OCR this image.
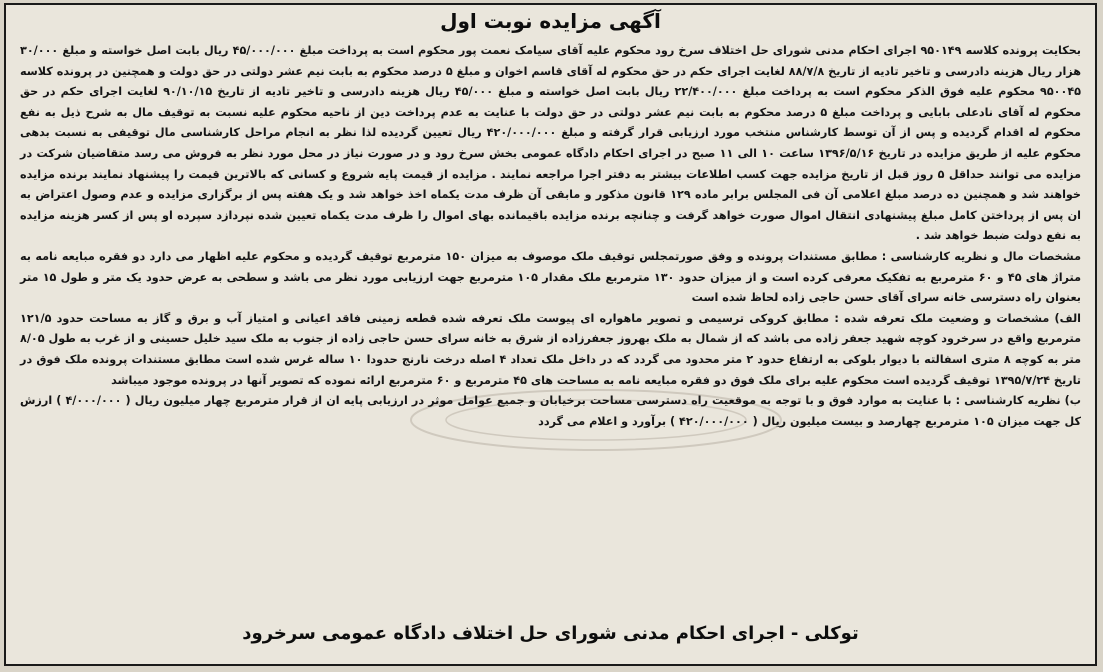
آگهی مزایده نوبت اول

بحکایت پرونده کلاسه ۹۵۰۱۴۹ اجرای احکام مدنی شورای حل اختلاف سرخ رود محکوم علیه آقای سیامک نعمت پور محکوم است به پرداخت مبلغ ۴۵/۰۰۰/۰۰۰ ریال بابت اصل خواسته و مبلغ ۳۰/۰۰۰ هزار ریال هزینه دادرسی و تاخیر تادیه از تاریخ ۸۸/۷/۸ لغایت اجرای حکم در حق محکوم له آقای قاسم اخوان و مبلغ ۵ درصد محکوم به بابت نیم عشر دولتی در حق دولت و همچنین در پرونده کلاسه ۹۵۰۰۴۵ محکوم علیه فوق الذکر محکوم است به پرداخت مبلغ ۲۲/۴۰۰/۰۰۰ ریال بابت اصل خواسته و مبلغ ۴۵/۰۰۰ ریال هزینه دادرسی و تاخیر تادیه از تاریخ ۹۰/۱۰/۱۵ لغایت اجرای حکم در حق محکوم له آقای نادعلی بابایی و پرداخت مبلغ ۵ درصد محکوم به بابت نیم عشر دولتی در حق دولت با عنایت به عدم پرداخت دین از ناحیه محکوم علیه نسبت به توقیف مال به شرح ذیل به نفع محکوم له اقدام گردیده و پس از آن توسط کارشناس منتخب مورد ارزیابی قرار گرفته و مبلغ ۴۲۰/۰۰۰/۰۰۰ ریال تعیین گردیده لذا نظر به انجام مراحل کارشناسی مال توقیفی به نسبت بدهی محکوم علیه از طریق مزایده در تاریخ ۱۳۹۶/۵/۱۶ ساعت ۱۰ الی ۱۱ صبح در اجرای احکام دادگاه عمومی بخش سرخ رود و در صورت نیاز در محل مورد نظر به فروش می رسد متقاضیان شرکت در مزایده می توانند حداقل ۵ روز قبل از تاریخ مزایده جهت کسب اطلاعات بیشتر به دفتر اجرا مراجعه نمایند . مزایده از قیمت پایه شروع و کسانی که بالاترین قیمت را پیشنهاد نمایند برنده مزایده خواهند شد و همچنین ده درصد مبلغ اعلامی آن فی المجلس برابر ماده ۱۲۹ قانون مذکور و مابقی آن ظرف مدت یکماه اخذ خواهد شد و یک هفته پس از برگزاری مزایده و عدم وصول اعتراض به ان پس از پرداختن کامل مبلغ پیشنهادی انتقال اموال صورت خواهد گرفت و چنانچه برنده مزایده باقیمانده بهای اموال را ظرف مدت یکماه تعیین شده نپردازد سپرده او پس از کسر هزینه مزایده به نفع دولت ضبط خواهد شد .

مشخصات مال و نظریه کارشناسی : مطابق مستندات پرونده و وفق صورتمجلس توقیف ملک موصوف به میزان ۱۵۰ مترمربع توقیف گردیده و محکوم علیه اظهار می دارد دو فقره مبایعه نامه به متراژ های ۴۵ و ۶۰ مترمربع به تفکیک معرفی کرده است و از میزان حدود ۱۳۰ مترمربع ملک مقدار ۱۰۵ مترمربع جهت ارزیابی مورد نظر می باشد و سطحی به عرض حدود یک متر و طول ۱۵ متر بعنوان راه دسترسی خانه سرای آقای حسن حاجی زاده لحاظ شده است

الف) مشخصات و وضعیت ملک تعرفه شده : مطابق کروکی ترسیمی و تصویر ماهواره ای پیوست ملک تعرفه شده قطعه زمینی فاقد اعیانی و امتیاز آب و برق و گاز به مساحت حدود ۱۲۱/۵ مترمربع واقع در سرخرود کوچه شهید جعفر زاده می باشد که از شمال به ملک بهروز جعفرزاده از شرق به خانه سرای حسن حاجی زاده از جنوب به ملک سید خلیل حسینی و از غرب به طول ۸/۰۵ متر به کوچه ۸ متری اسفالته با دیوار بلوکی به ارتفاع حدود ۲ متر محدود می گردد که در داخل ملک تعداد ۴ اصله درخت نارنج حدودا ۱۰ ساله غرس شده است مطابق مستندات پرونده ملک فوق در تاریخ ۱۳۹۵/۷/۲۴ توقیف گردیده است محکوم علیه برای ملک فوق دو فقره مبایعه نامه به مساحت های ۴۵ مترمربع و ۶۰ مترمربع ارائه نموده که تصویر آنها در پرونده موجود میباشد

ب) نظریه کارشناسی : با عنایت به موارد فوق و با توجه به موقعیت راه دسترسی مساحت برخیابان و جمیع عوامل موثر در ارزیابی پایه ان از قرار مترمربع چهار میلیون ریال ( ۴/۰۰۰/۰۰۰ ) ارزش کل جهت میزان ۱۰۵ مترمربع چهارصد و بیست میلیون ریال ( ۴۲۰/۰۰۰/۰۰۰ ) برآورد و اعلام می گردد

توکلی - اجرای احکام مدنی شورای حل اختلاف دادگاه عمومی سرخرود
